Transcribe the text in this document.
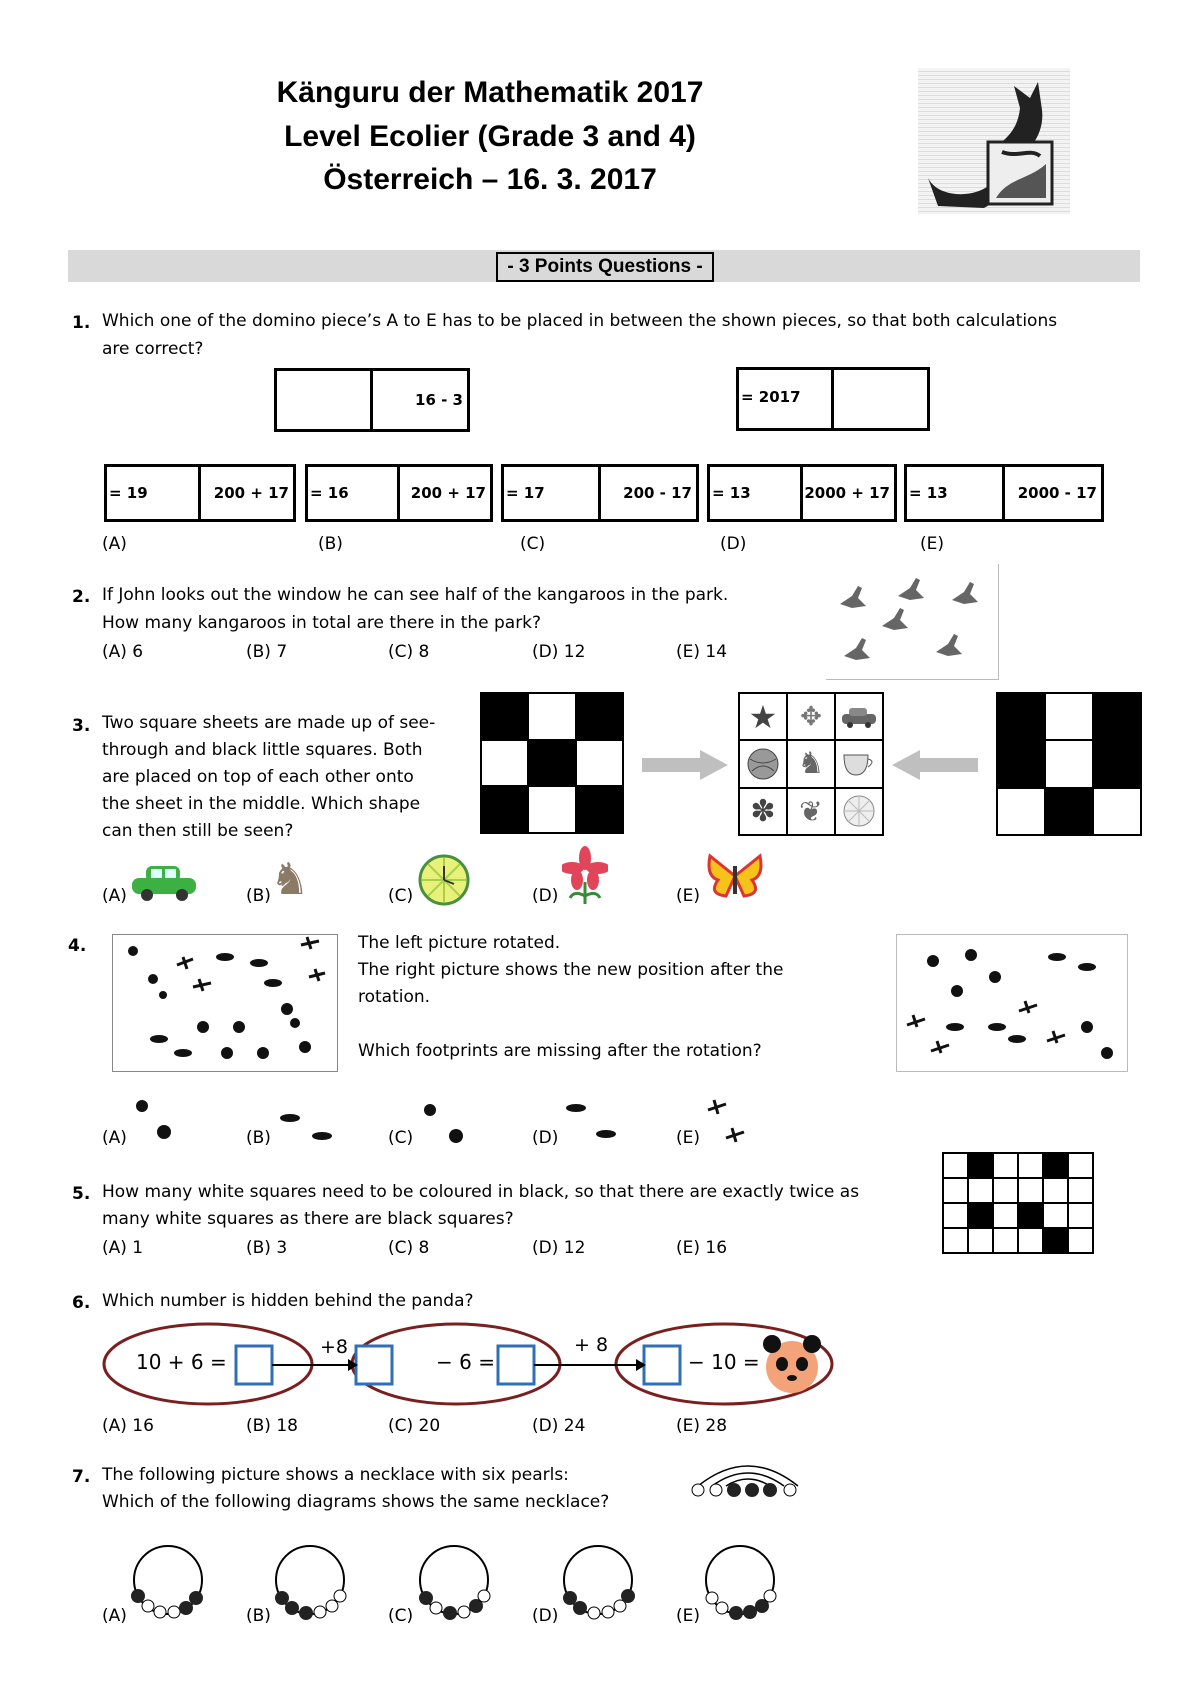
Känguru der Mathematik 2017
Level Ecolier (Grade 3 and 4)
Österreich – 16. 3. 2017
- 3 Points Questions -
1. Which one of the domino piece’s A to E has to be placed in between the shown pieces, so that both calculations
are correct?
16 - 3	= 2017
= 19	200 + 17 = 16	200 + 17 = 17	200 - 17 = 13	2000 + 17 = 13	2000 - 17
(A)	(B)	(C)	(D)	(E)
2. If John looks out the window he can see half of the kangaroos in the park.
How many kangaroos in total are there in the park?
(A) 6	(B) 7	(C) 8	(D) 12	(E) 14
3. Two square sheets are made up of see-
through and black little squares. Both
are placed on top of each other onto
the sheet in the middle. Which shape
can then still be seen?
★ ✥
♞
✽ ❦
(A)	(B) ♞	(C)	(D)	(E)
4.	The left picture rotated.
The right picture shows the new position after the
rotation.
Which footprints are missing after the rotation?
(A)	(B)	(C)	(D)	(E)
5. How many white squares need to be coloured in black, so that there are exactly twice as
many white squares as there are black squares?
(A) 1	(B) 3	(C) 8	(D) 12	(E) 16
6. Which number is hidden behind the panda?
10 + 6 =
+8
− 6 =
+ 8
− 10 =
(A) 16	(B) 18	(C) 20	(D) 24	(E) 28
7. The following picture shows a necklace with six pearls:
Which of the following diagrams shows the same necklace?
(A)	(B)	(C)	(D)	(E)
